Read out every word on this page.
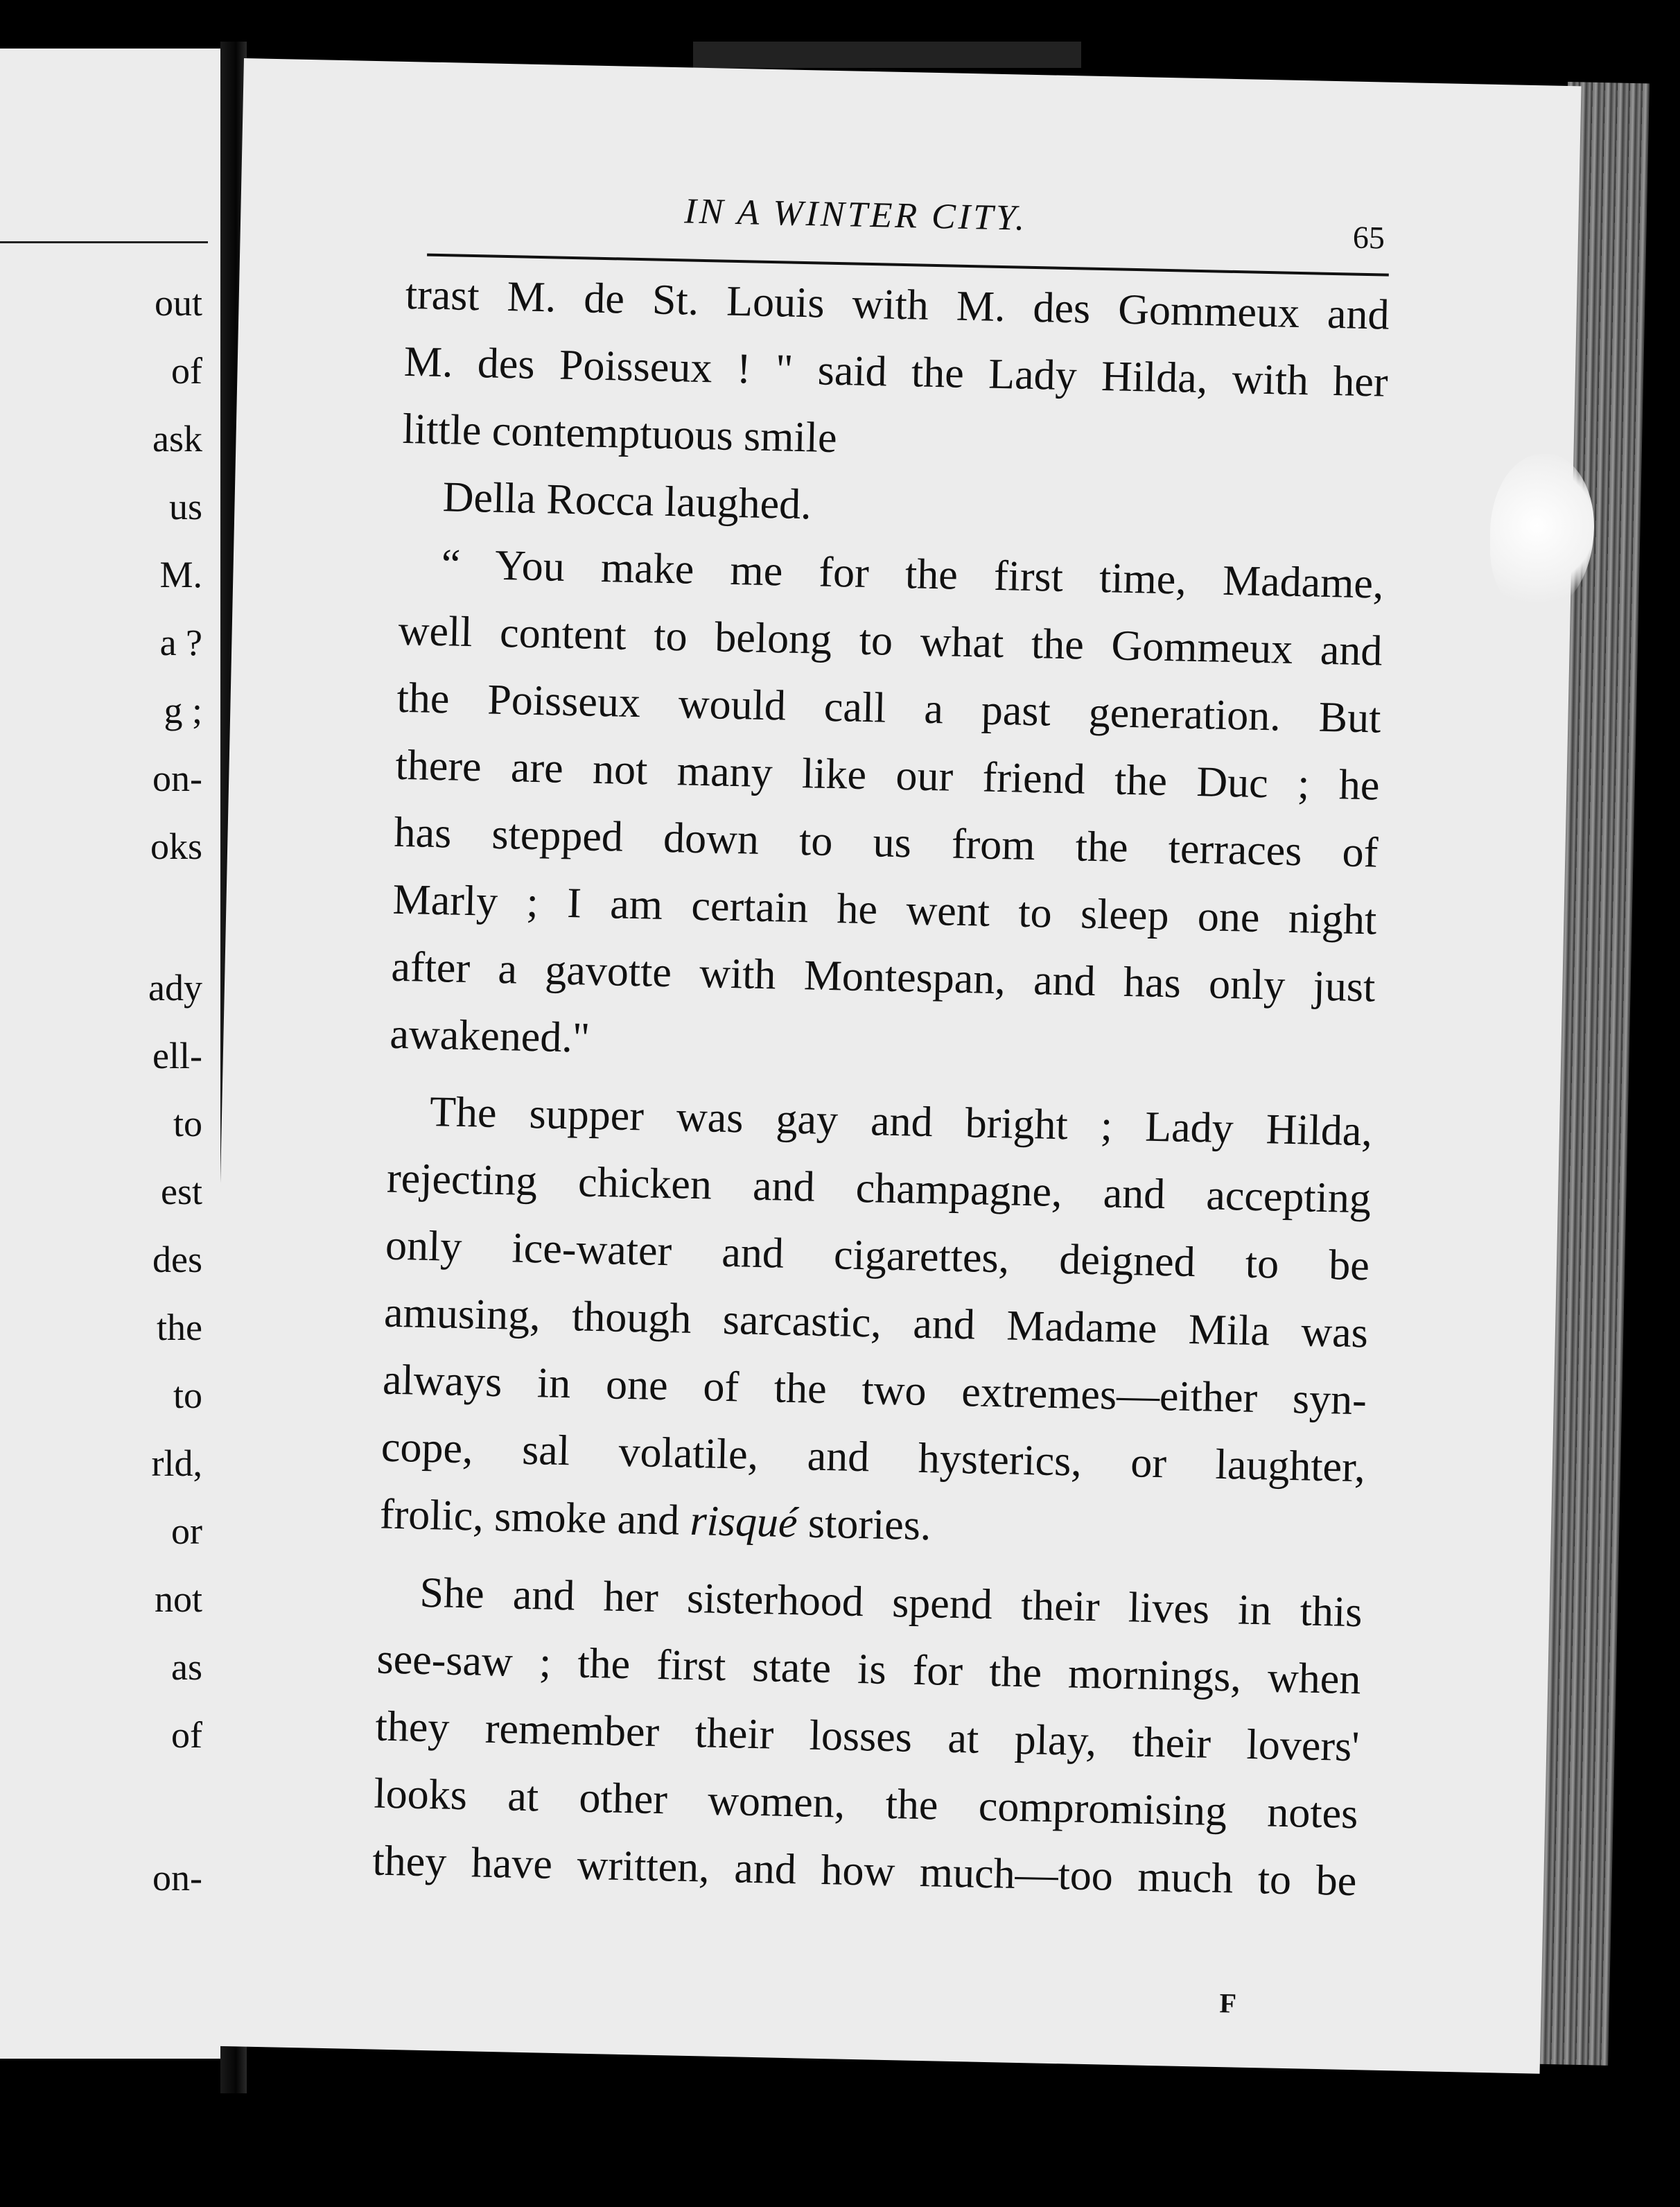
out
of
ask
us
M.
a ?
g ;
on-
oks
ady
ell-
to
est
des
the
to
rld,
or
not
as
of
on-
IN A WINTER CITY.	65
trast M. de St. Louis with M. des Gommeux and
M. des Poisseux ! " said the Lady Hilda, with her
little contemptuous smile
Della Rocca laughed.
“ You make me for the first time, Madame,
well content to belong to what the Gommeux and
the Poisseux would call a past generation. But
there are not many like our friend the Duc ; he
has stepped down to us from the terraces of
Marly ; I am certain he went to sleep one night
after a gavotte with Montespan, and has only just
awakened."
The supper was gay and bright ; Lady Hilda,
rejecting chicken and champagne, and accepting
only ice-water and cigarettes, deigned to be
amusing, though sarcastic, and Madame Mila was
always in one of the two extremes—either syn-
cope, sal volatile, and hysterics, or laughter,
frolic, smoke and risqué stories.
She and her sisterhood spend their lives in this
see-saw ; the first state is for the mornings, when
they remember their losses at play, their lovers'
looks at other women, the compromising notes
they have written, and how much—too much to be
F
